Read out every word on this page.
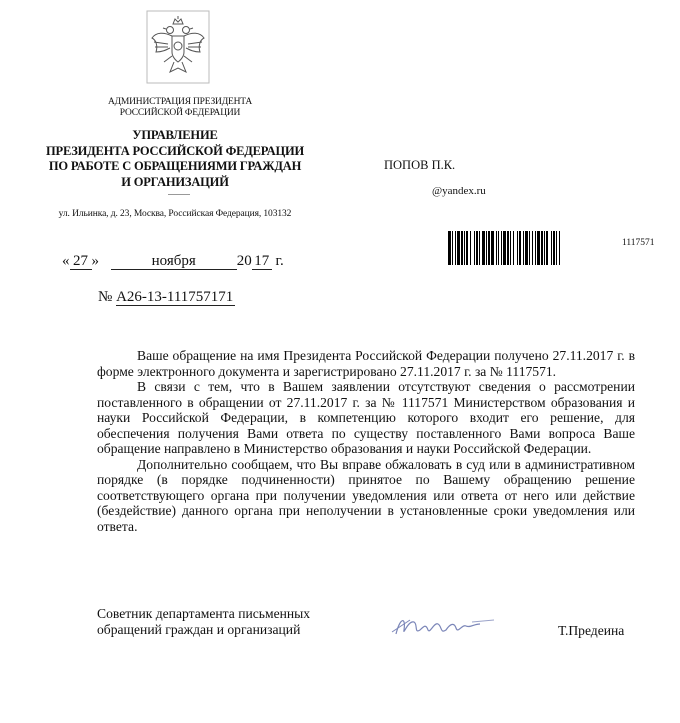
АДМИНИСТРАЦИЯ ПРЕЗИДЕНТА
РОССИЙСКОЙ ФЕДЕРАЦИИ
УПРАВЛЕНИЕ
ПРЕЗИДЕНТА РОССИЙСКОЙ ФЕДЕРАЦИИ
ПО РАБОТЕ С ОБРАЩЕНИЯМИ ГРАЖДАН
И ОРГАНИЗАЦИЙ
ул. Ильинка, д. 23, Москва, Российская Федерация, 103132
ПОПОВ П.К.
@yandex.ru
1117571
« 27 »	ноября	20 17 г.
№ А26-13-111757171

Ваше обращение на имя Президента Российской Федерации получено 27.11.2017 г. в форме электронного документа и зарегистрировано 27.11.2017 г. за № 1117571.

В связи с тем, что в Вашем заявлении отсутствуют сведения о рассмотрении поставленного в обращении от 27.11.2017 г. за № 1117571 Министерством образования и науки Российской Федерации, в компетенцию которого входит его решение, для обеспечения получения Вами ответа по существу поставленного Вами вопроса Ваше обращение направлено в Министерство образования и науки Российской Федерации.

Дополнительно сообщаем, что Вы вправе обжаловать в суд или в административном порядке (в порядке подчиненности) принятое по Вашему обращению решение соответствующего органа при получении уведомления или ответа от него или действие (бездействие) данного органа при неполучении в установленные сроки уведомления или ответа.

Советник департамента письменных
обращений граждан и организаций	Т.Предеина
